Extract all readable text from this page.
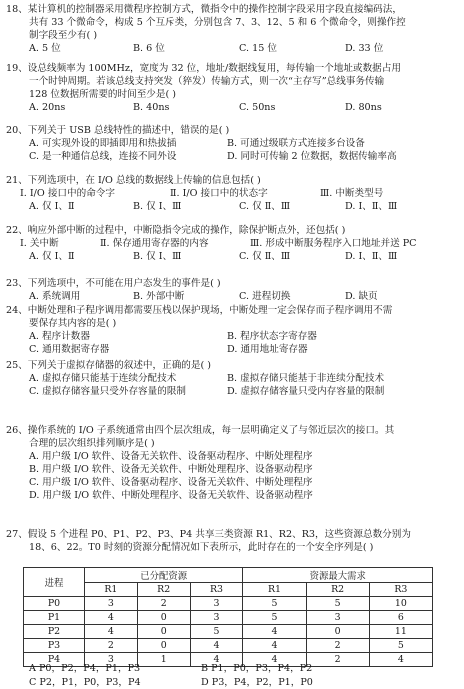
18、某计算机的控制器采用微程序控制方式，微指令中的操作控制字段采用字段直接编码法，
共有 33 个微命令，构成 5 个互斥类，分别包含 7、3、12、5 和 6 个微命令，则操作控
制字段至少有( )
A. 5 位	B. 6 位	C. 15 位	D. 33 位
19、设总线频率为 100MHz，宽度为 32 位，地址/数据线复用，每传输一个地址或数据占用
一个时钟周期。若该总线支持突发（猝发）传输方式，则一次“主存写”总线事务传输
128 位数据所需要的时间至少是( )
A. 20ns	B. 40ns	C. 50ns	D. 80ns
20、下列关于 USB 总线特性的描述中，错误的是( )
A. 可实现外设的即插即用和热拔插	B. 可通过级联方式连接多台设备
C. 是一种通信总线，连接不同外设	D. 同时可传输 2 位数据，数据传输率高
21、下列选项中，在 I/O 总线的数据线上传输的信息包括( )
Ⅰ. I/O 接口中的命令字	Ⅱ. I/O 接口中的状态字	Ⅲ. 中断类型号
A. 仅 Ⅰ、Ⅱ	B. 仅 Ⅰ、Ⅲ	C. 仅 Ⅱ、Ⅲ	D. Ⅰ、Ⅱ、Ⅲ
22、响应外部中断的过程中，中断隐指令完成的操作，除保护断点外，还包括( )
Ⅰ. 关中断	Ⅱ. 保存通用寄存器的内容	Ⅲ. 形成中断服务程序入口地址并送 PC
A. 仅 Ⅰ、Ⅱ	B. 仅 Ⅰ、Ⅲ	C. 仅 Ⅱ、Ⅲ	D. Ⅰ、Ⅱ、Ⅲ
23、下列选项中，不可能在用户态发生的事件是( )
A. 系统调用	B. 外部中断	C. 进程切换	D. 缺页
24、中断处理和子程序调用都需要压栈以保护现场，中断处理一定会保存而子程序调用不需
要保存其内容的是( )
A. 程序计数器	B. 程序状态字寄存器
C. 通用数据寄存器	D. 通用地址寄存器
25、下列关于虚拟存储器的叙述中，正确的是( )
A. 虚拟存储只能基于连续分配技术	B. 虚拟存储只能基于非连续分配技术
C. 虚拟存储容量只受外存容量的限制	D. 虚拟存储容量只受内存容量的限制
26、操作系统的 I/O 子系统通常由四个层次组成，每一层明确定义了与邻近层次的接口。其
合理的层次组织排列顺序是( )
A. 用户级 I/O 软件、设备无关软件、设备驱动程序、中断处理程序
B. 用户级 I/O 软件、设备无关软件、中断处理程序、设备驱动程序
C. 用户级 I/O 软件、设备驱动程序、设备无关软件、中断处理程序
D. 用户级 I/O 软件、中断处理程序、设备无关软件、设备驱动程序
27、假设 5 个进程 P0、P1、P2、P3、P4 共享三类资源 R1、R2、R3，这些资源总数分别为
18、6、22。T0 时刻的资源分配情况如下表所示，此时存在的一个安全序列是( )
进程	已分配资源			资源最大需求		
	R1	R2	R3	R1	R2	R3
P0	3	2	3	5	5	10
P1	4	0	3	5	3	6
P2	4	0	5	4	0	11
P3	2	0	4	4	2	5
P4	3	1	4	4	2	4
A P0，P2，P4，P1，P3	B P1，P0，P3，P4，P2
C P2，P1，P0，P3，P4	D P3，P4，P2，P1，P0
